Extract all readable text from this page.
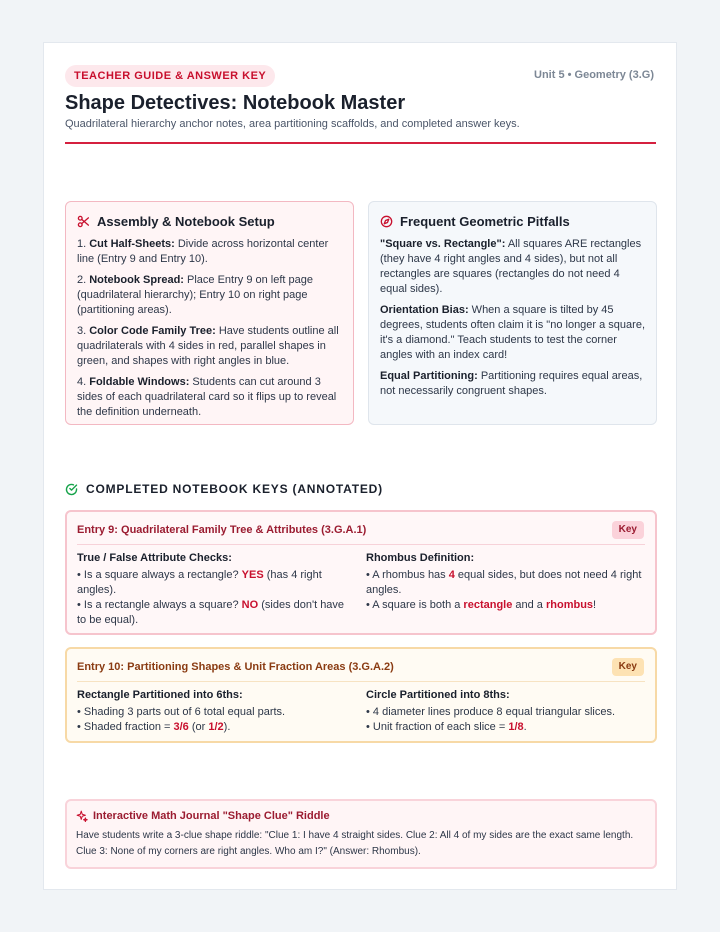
TEACHER GUIDE & ANSWER KEY	Unit 5 • Geometry (3.G)
Shape Detectives: Notebook Master
Quadrilateral hierarchy anchor notes, area partitioning scaffolds, and completed answer keys.
Assembly & Notebook Setup

1. Cut Half-Sheets: Divide across horizontal center line (Entry 9 and Entry 10).

2. Notebook Spread: Place Entry 9 on left page (quadrilateral hierarchy); Entry 10 on right page (partitioning areas).

3. Color Code Family Tree: Have students outline all quadrilaterals with 4 sides in red, parallel shapes in green, and shapes with right angles in blue.

4. Foldable Windows: Students can cut around 3 sides of each quadrilateral card so it flips up to reveal the definition underneath.

Frequent Geometric Pitfalls

"Square vs. Rectangle": All squares ARE rectangles (they have 4 right angles and 4 sides), but not all rectangles are squares (rectangles do not need 4 equal sides).

Orientation Bias: When a square is tilted by 45 degrees, students often claim it is "no longer a square, it's a diamond." Teach students to test the corner angles with an index card!

Equal Partitioning: Partitioning requires equal areas, not necessarily congruent shapes.

COMPLETED NOTEBOOK KEYS (ANNOTATED)
Entry 9: Quadrilateral Family Tree & Attributes (3.G.A.1)	Key
True / False Attribute Checks:
• Is a square always a rectangle? YES (has 4 right angles).
• Is a rectangle always a square? NO (sides don't have to be equal).
Rhombus Definition:
• A rhombus has 4 equal sides, but does not need 4 right angles.
• A square is both a rectangle and a rhombus!
Entry 10: Partitioning Shapes & Unit Fraction Areas (3.G.A.2)	Key
Rectangle Partitioned into 6ths:
• Shading 3 parts out of 6 total equal parts.
• Shaded fraction = 3/6 (or 1/2).
Circle Partitioned into 8ths:
• 4 diameter lines produce 8 equal triangular slices.
• Unit fraction of each slice = 1/8.
Interactive Math Journal "Shape Clue" Riddle
Have students write a 3-clue shape riddle: "Clue 1: I have 4 straight sides. Clue 2: All 4 of my sides are the exact same length. Clue 3: None of my corners are right angles. Who am I?" (Answer: Rhombus).
